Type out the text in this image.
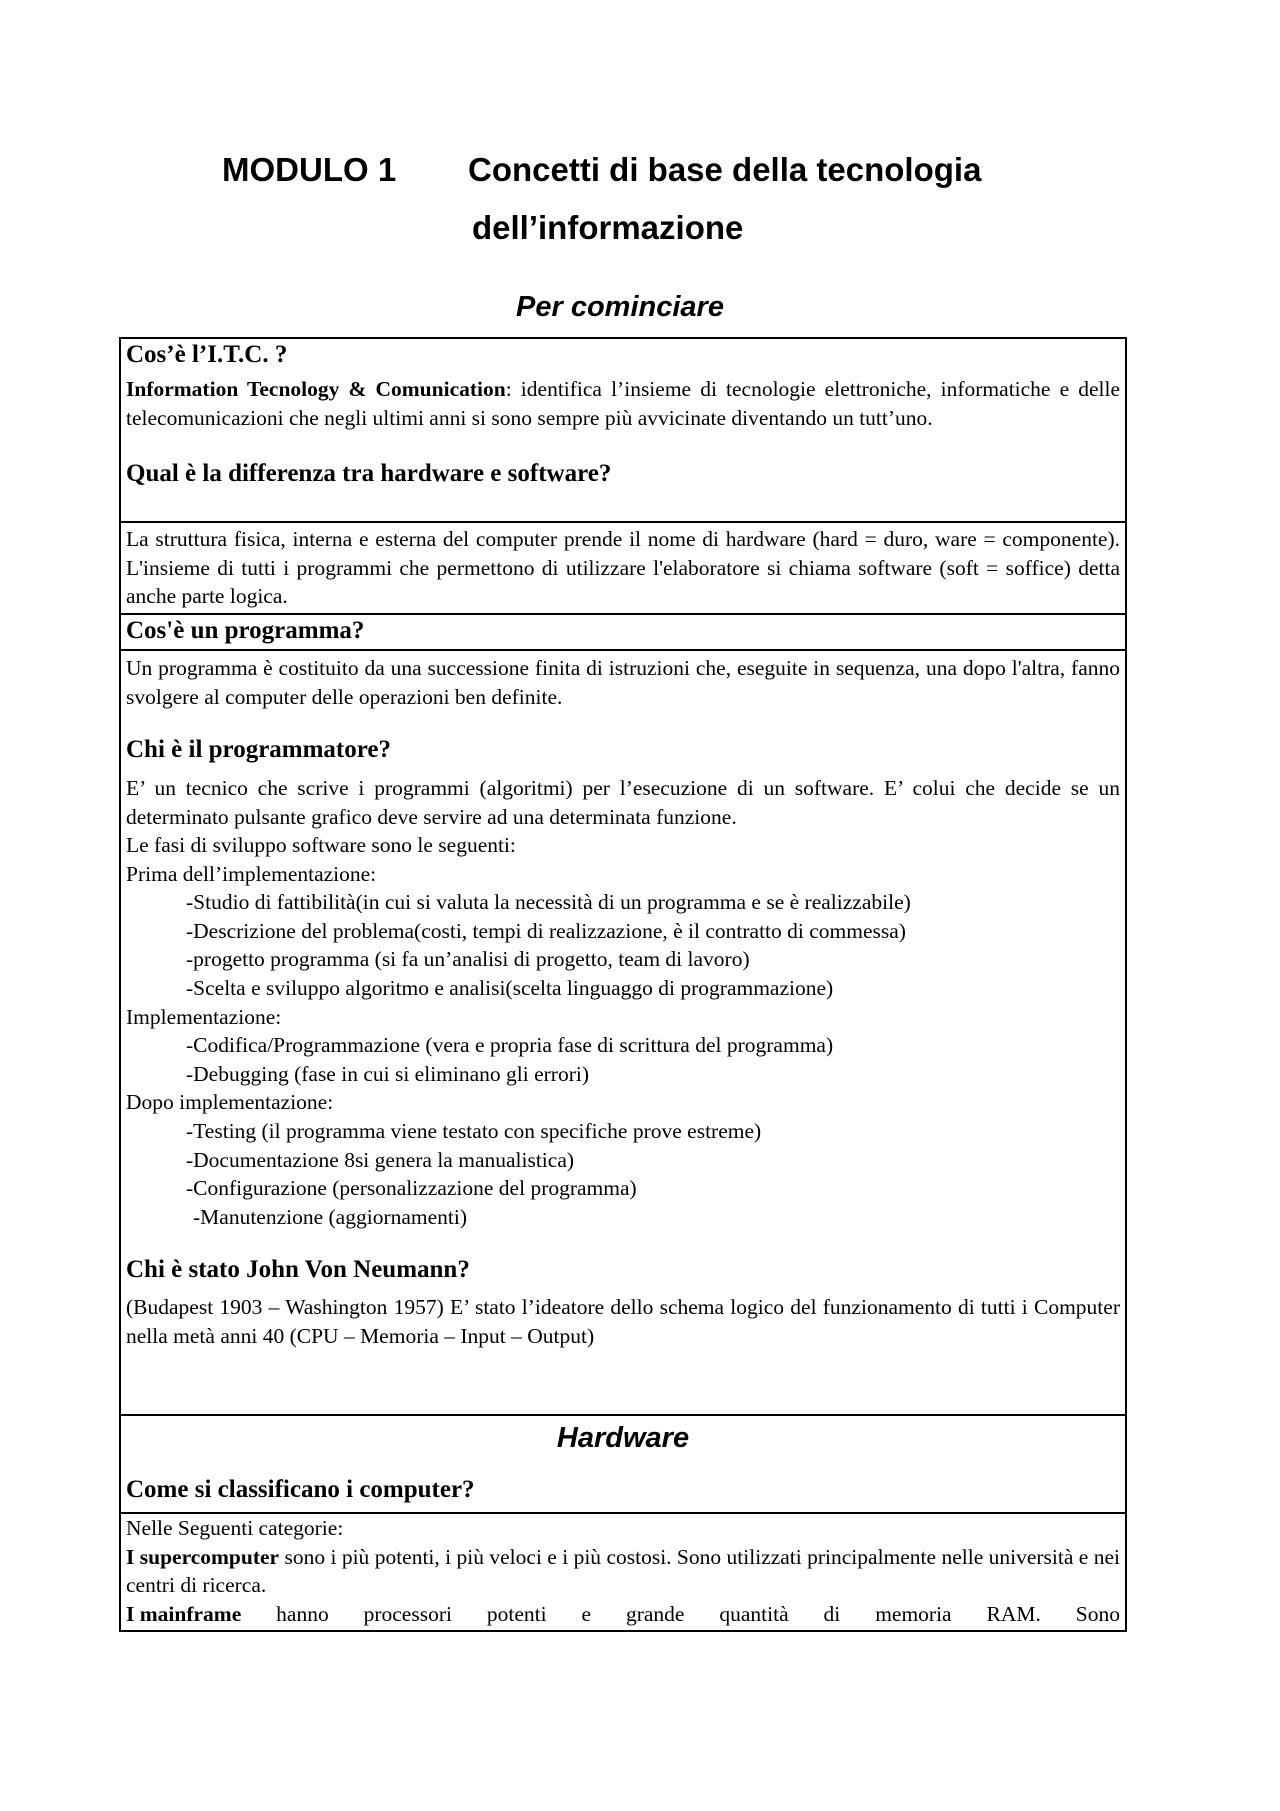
MODULO 1 Concetti di base della tecnologia
dell’informazione
Per cominciare
Cos’è l’I.T.C. ?

Information Tecnology & Comunication: identifica l’insieme di tecnologie elettroniche, informatiche e delle telecomunicazioni che negli ultimi anni si sono sempre più avvicinate diventando un tutt’uno.

Qual è la differenza tra hardware e software?

La struttura fisica, interna e esterna del computer prende il nome di hardware (hard = duro, ware = componente). L'insieme di tutti i programmi che permettono di utilizzare l'elaboratore si chiama software (soft = soffice) detta anche parte logica.

Cos'è un programma?

Un programma è costituito da una successione finita di istruzioni che, eseguite in sequenza, una dopo l'altra, fanno svolgere al computer delle operazioni ben definite.

Chi è il programmatore?

E’ un tecnico che scrive i programmi (algoritmi) per l’esecuzione di un software. E’ colui che decide se un determinato pulsante grafico deve servire ad una determinata funzione.

Le fasi di sviluppo software sono le seguenti:
Prima dell’implementazione:
-Studio di fattibilità(in cui si valuta la necessità di un programma e se è realizzabile)
-Descrizione del problema(costi, tempi di realizzazione, è il contratto di commessa)
-progetto programma (si fa un’analisi di progetto, team di lavoro)
-Scelta e sviluppo algoritmo e analisi(scelta linguaggo di programmazione)
Implementazione:
-Codifica/Programmazione (vera e propria fase di scrittura del programma)
-Debugging (fase in cui si eliminano gli errori)
Dopo implementazione:
-Testing (il programma viene testato con specifiche prove estreme)
-Documentazione 8si genera la manualistica)
-Configurazione (personalizzazione del programma)
-Manutenzione (aggiornamenti)
Chi è stato John Von Neumann?

(Budapest 1903 – Washington 1957) E’ stato l’ideatore dello schema logico del funzionamento di tutti i Computer nella metà anni 40 (CPU – Memoria – Input – Output)

Hardware
Come si classificano i computer?
Nelle Seguenti categorie:

I supercomputer sono i più potenti, i più veloci e i più costosi. Sono utilizzati principalmente nelle università e nei centri di ricerca.

I mainframe hanno processori potenti e grande quantità di memoria RAM. Sono
